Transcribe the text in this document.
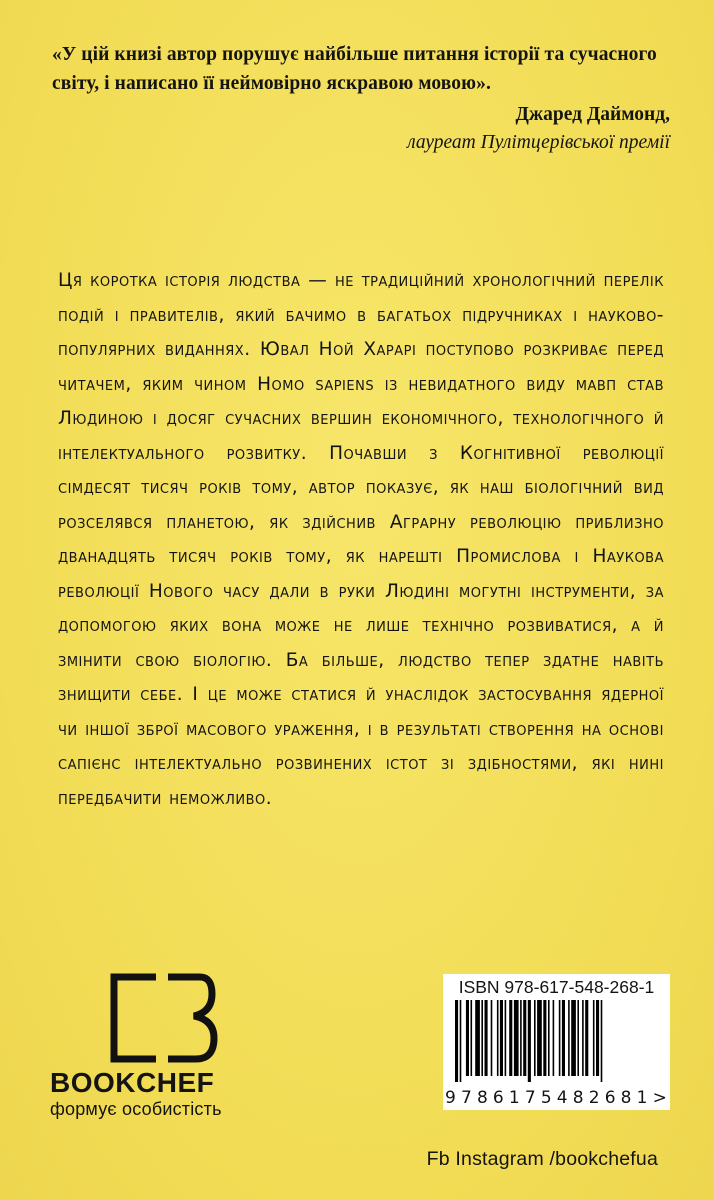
«У цій книзі автор порушує найбільше питання історії та сучасного світу, і написано її неймовірно яскравою мовою».

Джаред Даймонд,
лауреат Пулітцерівської премії

Ця коротка історія людства — не традиційний хронологічний перелік подій і правителів, який бачимо в багатьох підручниках і науково-популярних виданнях. Ювал Ной Харарі поступово розкриває перед читачем, яким чином Homo sapiens із невидатного виду мавп став Людиною і досяг сучасних вершин економічного, технологічного й інтелектуального розвитку. Почавши з Когнітивної революції сімдесят тисяч років тому, автор показує, як наш біологічний вид розселявся планетою, як здійснив Аграрну революцію приблизно дванадцять тисяч років тому, як нарешті Промислова і Наукова революції Нового часу дали в руки Людині могутні інструменти, за допомогою яких вона може не лише технічно розвиватися, а й змінити свою біологію. Ба більше, людство тепер здатне навіть знищити себе. І це може статися й унаслідок застосування ядерної чи іншої зброї масового ураження, і в результаті створення на основі сапієнс інтелектуально розвинених істот зі здібностями, які нині передбачити неможливо.

BOOKCHEF
формує особистість
ISBN 978-617-548-268-1
9 7 8 6 1 7 5 4 8 2 6 8 1 >
Fb Instagram /bookchefua
